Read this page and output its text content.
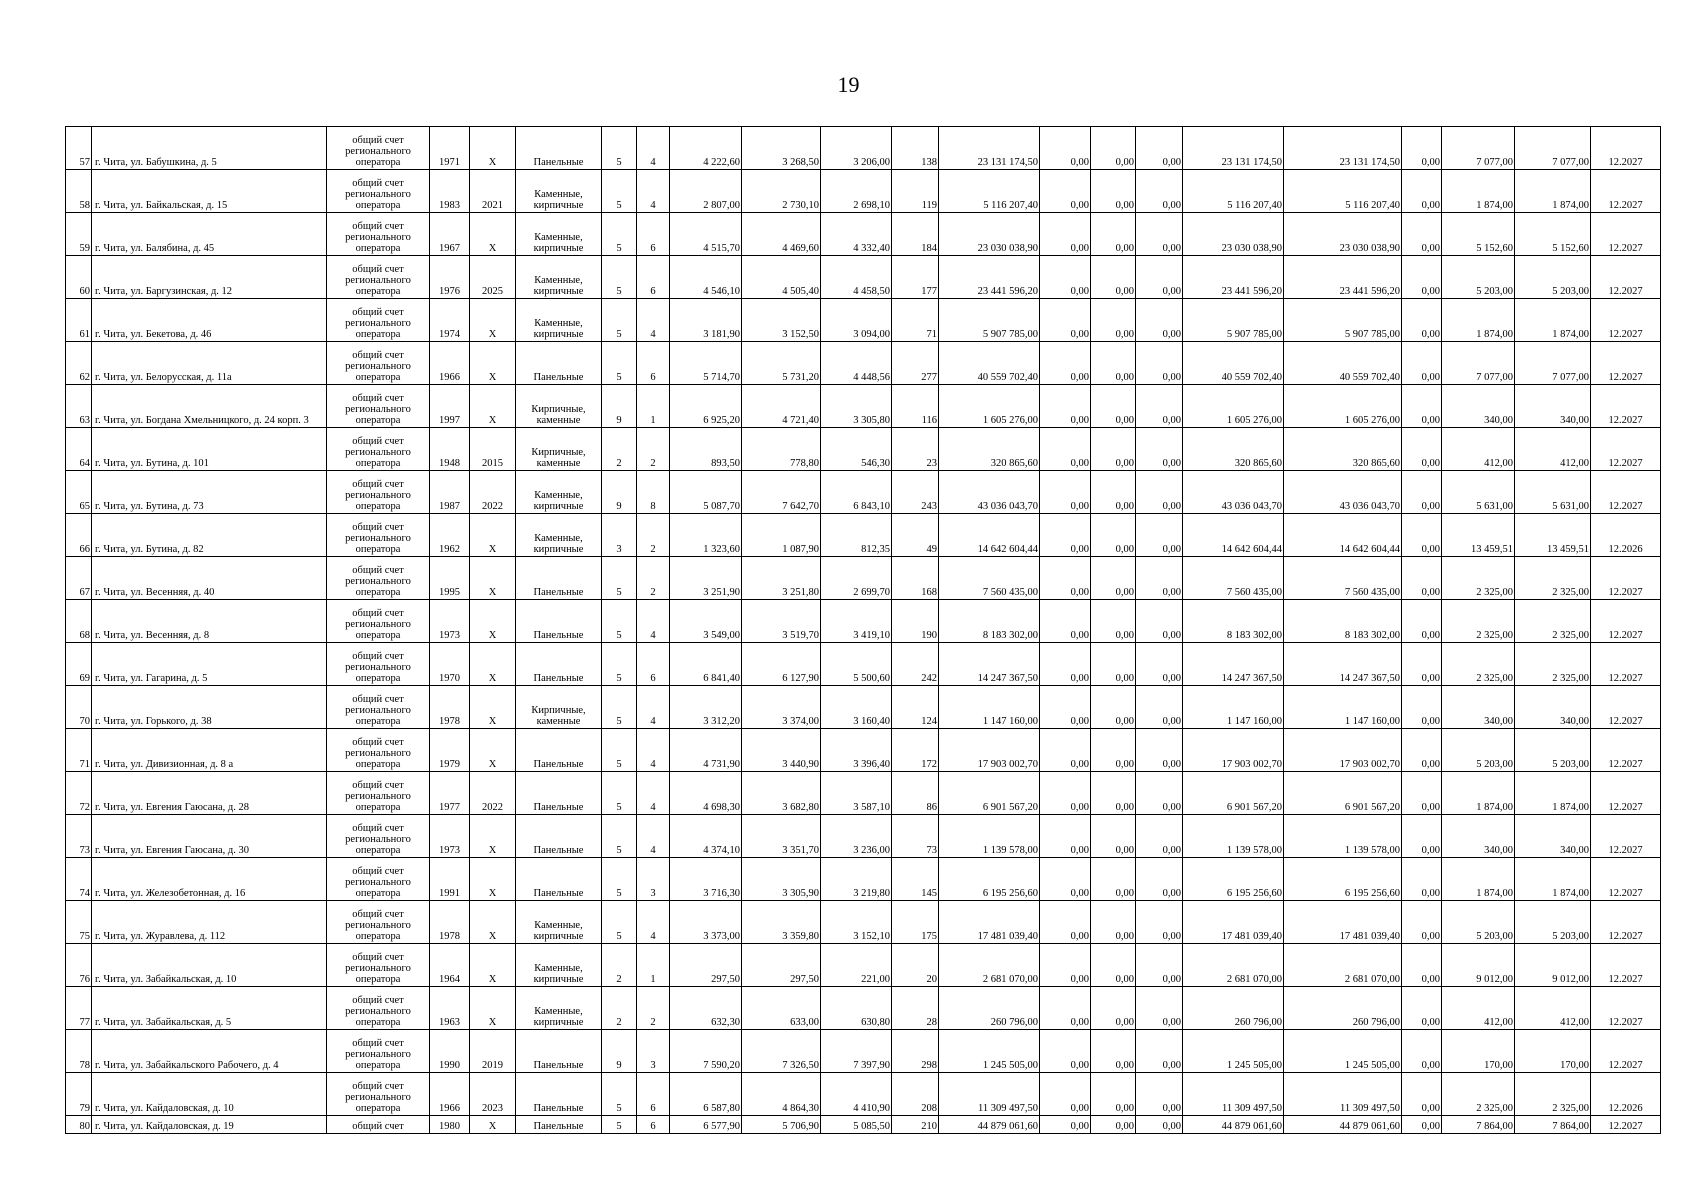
19
57	г. Чита, ул. Бабушкина, д. 5	общий счет регионального оператора	1971	Х	Панельные	5	4	4 222,60	3 268,50	3 206,00	138	23 131 174,50	0,00	0,00	0,00	23 131 174,50	23 131 174,50	0,00	7 077,00	7 077,00	12.2027
58	г. Чита, ул. Байкальская, д. 15	общий счет регионального оператора	1983	2021	Каменные, кирпичные	5	4	2 807,00	2 730,10	2 698,10	119	5 116 207,40	0,00	0,00	0,00	5 116 207,40	5 116 207,40	0,00	1 874,00	1 874,00	12.2027
59	г. Чита, ул. Балябина, д. 45	общий счет регионального оператора	1967	Х	Каменные, кирпичные	5	6	4 515,70	4 469,60	4 332,40	184	23 030 038,90	0,00	0,00	0,00	23 030 038,90	23 030 038,90	0,00	5 152,60	5 152,60	12.2027
60	г. Чита, ул. Баргузинская, д. 12	общий счет регионального оператора	1976	2025	Каменные, кирпичные	5	6	4 546,10	4 505,40	4 458,50	177	23 441 596,20	0,00	0,00	0,00	23 441 596,20	23 441 596,20	0,00	5 203,00	5 203,00	12.2027
61	г. Чита, ул. Бекетова, д. 46	общий счет регионального оператора	1974	Х	Каменные, кирпичные	5	4	3 181,90	3 152,50	3 094,00	71	5 907 785,00	0,00	0,00	0,00	5 907 785,00	5 907 785,00	0,00	1 874,00	1 874,00	12.2027
62	г. Чита, ул. Белорусская, д. 11а	общий счет регионального оператора	1966	Х	Панельные	5	6	5 714,70	5 731,20	4 448,56	277	40 559 702,40	0,00	0,00	0,00	40 559 702,40	40 559 702,40	0,00	7 077,00	7 077,00	12.2027
63	г. Чита, ул. Богдана Хмельницкого, д. 24 корп. 3	общий счет регионального оператора	1997	Х	Кирпичные, каменные	9	1	6 925,20	4 721,40	3 305,80	116	1 605 276,00	0,00	0,00	0,00	1 605 276,00	1 605 276,00	0,00	340,00	340,00	12.2027
64	г. Чита, ул. Бутина, д. 101	общий счет регионального оператора	1948	2015	Кирпичные, каменные	2	2	893,50	778,80	546,30	23	320 865,60	0,00	0,00	0,00	320 865,60	320 865,60	0,00	412,00	412,00	12.2027
65	г. Чита, ул. Бутина, д. 73	общий счет регионального оператора	1987	2022	Каменные, кирпичные	9	8	5 087,70	7 642,70	6 843,10	243	43 036 043,70	0,00	0,00	0,00	43 036 043,70	43 036 043,70	0,00	5 631,00	5 631,00	12.2027
66	г. Чита, ул. Бутина, д. 82	общий счет регионального оператора	1962	Х	Каменные, кирпичные	3	2	1 323,60	1 087,90	812,35	49	14 642 604,44	0,00	0,00	0,00	14 642 604,44	14 642 604,44	0,00	13 459,51	13 459,51	12.2026
67	г. Чита, ул. Весенняя, д. 40	общий счет регионального оператора	1995	Х	Панельные	5	2	3 251,90	3 251,80	2 699,70	168	7 560 435,00	0,00	0,00	0,00	7 560 435,00	7 560 435,00	0,00	2 325,00	2 325,00	12.2027
68	г. Чита, ул. Весенняя, д. 8	общий счет регионального оператора	1973	Х	Панельные	5	4	3 549,00	3 519,70	3 419,10	190	8 183 302,00	0,00	0,00	0,00	8 183 302,00	8 183 302,00	0,00	2 325,00	2 325,00	12.2027
69	г. Чита, ул. Гагарина, д. 5	общий счет регионального оператора	1970	Х	Панельные	5	6	6 841,40	6 127,90	5 500,60	242	14 247 367,50	0,00	0,00	0,00	14 247 367,50	14 247 367,50	0,00	2 325,00	2 325,00	12.2027
70	г. Чита, ул. Горького, д. 38	общий счет регионального оператора	1978	Х	Кирпичные, каменные	5	4	3 312,20	3 374,00	3 160,40	124	1 147 160,00	0,00	0,00	0,00	1 147 160,00	1 147 160,00	0,00	340,00	340,00	12.2027
71	г. Чита, ул. Дивизионная, д. 8 а	общий счет регионального оператора	1979	Х	Панельные	5	4	4 731,90	3 440,90	3 396,40	172	17 903 002,70	0,00	0,00	0,00	17 903 002,70	17 903 002,70	0,00	5 203,00	5 203,00	12.2027
72	г. Чита, ул. Евгения Гаюсана, д. 28	общий счет регионального оператора	1977	2022	Панельные	5	4	4 698,30	3 682,80	3 587,10	86	6 901 567,20	0,00	0,00	0,00	6 901 567,20	6 901 567,20	0,00	1 874,00	1 874,00	12.2027
73	г. Чита, ул. Евгения Гаюсана, д. 30	общий счет регионального оператора	1973	Х	Панельные	5	4	4 374,10	3 351,70	3 236,00	73	1 139 578,00	0,00	0,00	0,00	1 139 578,00	1 139 578,00	0,00	340,00	340,00	12.2027
74	г. Чита, ул. Железобетонная, д. 16	общий счет регионального оператора	1991	Х	Панельные	5	3	3 716,30	3 305,90	3 219,80	145	6 195 256,60	0,00	0,00	0,00	6 195 256,60	6 195 256,60	0,00	1 874,00	1 874,00	12.2027
75	г. Чита, ул. Журавлева, д. 112	общий счет регионального оператора	1978	Х	Каменные, кирпичные	5	4	3 373,00	3 359,80	3 152,10	175	17 481 039,40	0,00	0,00	0,00	17 481 039,40	17 481 039,40	0,00	5 203,00	5 203,00	12.2027
76	г. Чита, ул. Забайкальская, д. 10	общий счет регионального оператора	1964	Х	Каменные, кирпичные	2	1	297,50	297,50	221,00	20	2 681 070,00	0,00	0,00	0,00	2 681 070,00	2 681 070,00	0,00	9 012,00	9 012,00	12.2027
77	г. Чита, ул. Забайкальская, д. 5	общий счет регионального оператора	1963	Х	Каменные, кирпичные	2	2	632,30	633,00	630,80	28	260 796,00	0,00	0,00	0,00	260 796,00	260 796,00	0,00	412,00	412,00	12.2027
78	г. Чита, ул. Забайкальского Рабочего, д. 4	общий счет регионального оператора	1990	2019	Панельные	9	3	7 590,20	7 326,50	7 397,90	298	1 245 505,00	0,00	0,00	0,00	1 245 505,00	1 245 505,00	0,00	170,00	170,00	12.2027
79	г. Чита, ул. Кайдаловская, д. 10	общий счет регионального оператора	1966	2023	Панельные	5	6	6 587,80	4 864,30	4 410,90	208	11 309 497,50	0,00	0,00	0,00	11 309 497,50	11 309 497,50	0,00	2 325,00	2 325,00	12.2026
80	г. Чита, ул. Кайдаловская, д. 19	общий счет	1980	Х	Панельные	5	6	6 577,90	5 706,90	5 085,50	210	44 879 061,60	0,00	0,00	0,00	44 879 061,60	44 879 061,60	0,00	7 864,00	7 864,00	12.2027
